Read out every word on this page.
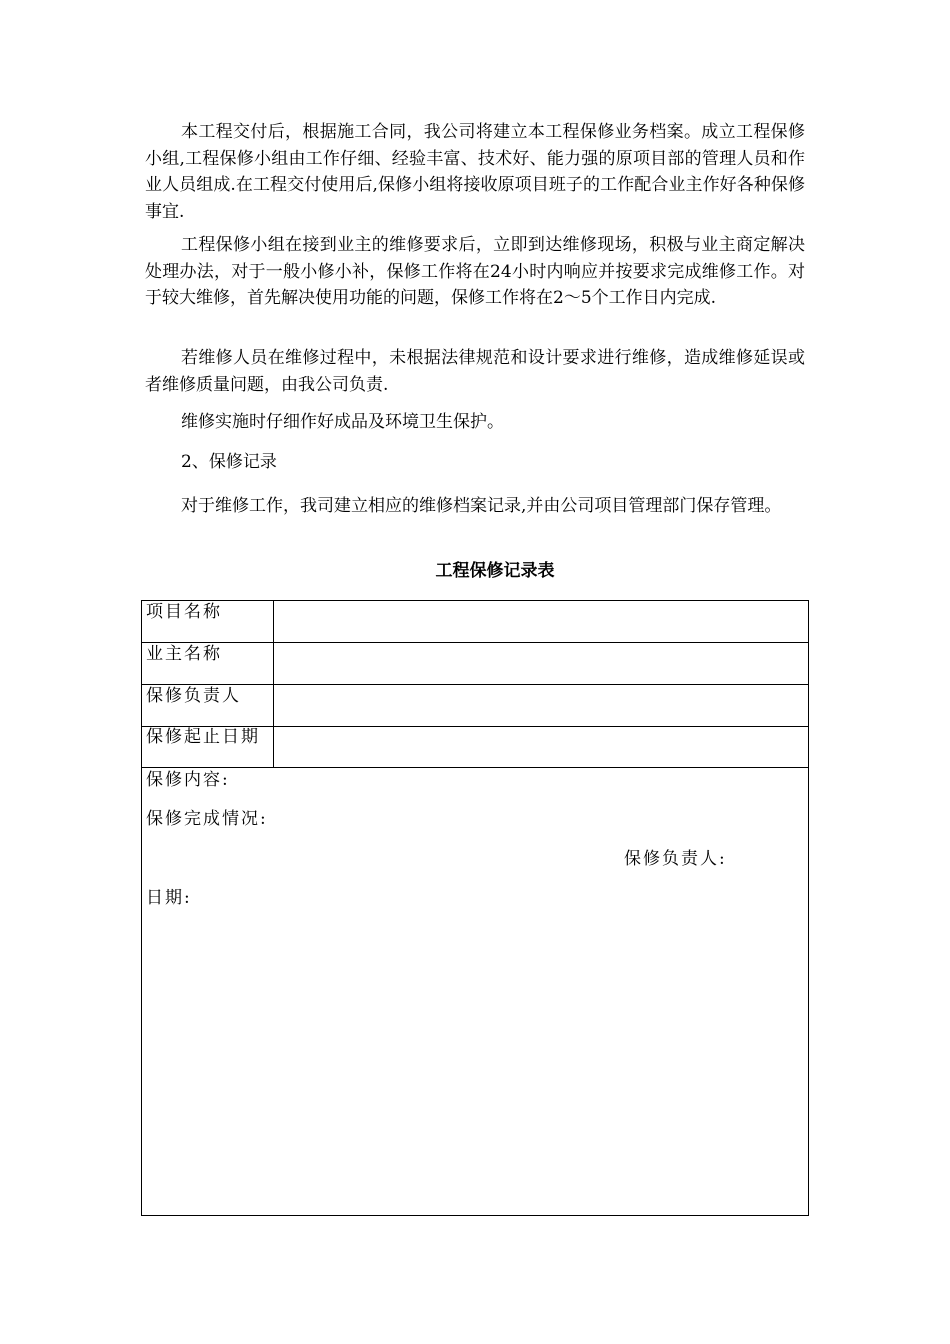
本工程交付后，根据施工合同，我公司将建立本工程保修业务档案。成立工程保修小组,工程保修小组由工作仔细、经验丰富、技术好、能力强的原项目部的管理人员和作业人员组成.在工程交付使用后,保修小组将接收原项目班子的工作配合业主作好各种保修事宜.

工程保修小组在接到业主的维修要求后，立即到达维修现场，积极与业主商定解决处理办法，对于一般小修小补，保修工作将在24小时内响应并按要求完成维修工作。对于较大维修，首先解决使用功能的问题，保修工作将在2～5个工作日内完成.

若维修人员在维修过程中，未根据法律规范和设计要求进行维修，造成维修延误或者维修质量问题，由我公司负责.

维修实施时仔细作好成品及环境卫生保护。

2、保修记录

对于维修工作，我司建立相应的维修档案记录,并由公司项目管理部门保存管理。

工程保修记录表

项目名称
业主名称
保修负责人
保修起止日期

保修内容:

保修完成情况:

保修负责人:

日期:
